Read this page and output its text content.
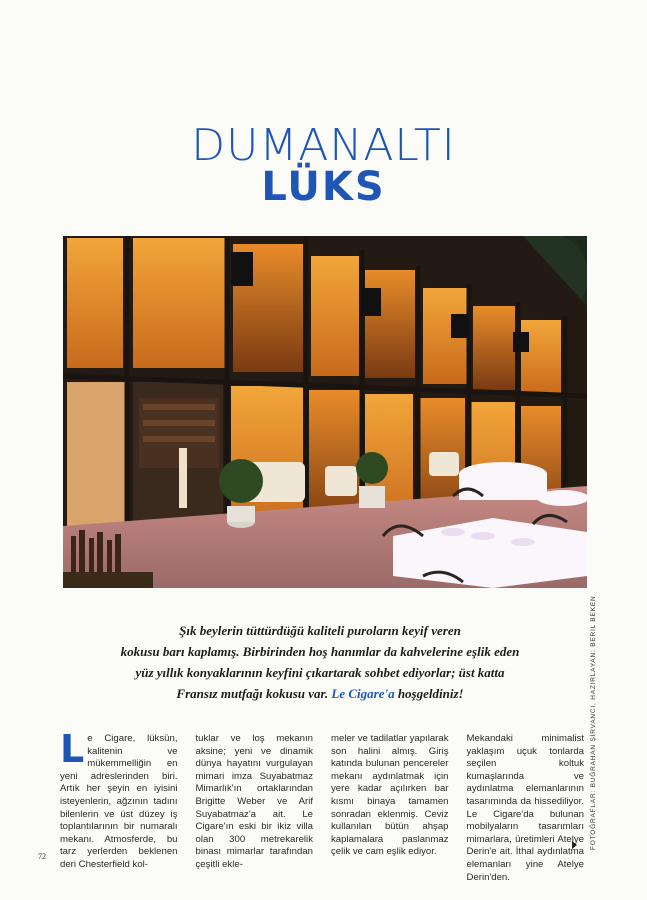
DUMANALTI
LÜKS
Şık beylerin tüttürdüğü kaliteli puroların keyif veren
kokusu barı kaplamış. Birbirinden hoş hanımlar da kahvelerine eşlik eden
yüz yıllık konyaklarının keyfini çıkartarak sohbet ediyorlar; üst katta
Fransız mutfağı kokusu var. Le Cigare'a hoşgeldiniz!
Le Cigare, lüksün, kalitenin ve mükemmelliğin en yeni adreslerinden biri. Artık her şeyin en iyisini isteyenlerin, ağzının tadını bilenlerin ve üst düzey iş toplantılarının bir numaralı mekanı. Atmosferde, bu tarz yerlerden beklenen deri Chesterfield kol-
tuklar ve loş mekanın aksine; yeni ve dinamik dünya hayatını vurgulayan mimari imza Suyabatmaz Mimarlık'ın ortaklarından Brigitte Weber ve Arif Suyabatmaz'a ait. Le Cigare'ın eski bir ikiz villa olan 300 metrekarelik binası mimarlar tarafından çeşitli ekle-
meler ve tadilatlar yapılarak son halini almış. Giriş katında bulunan pencereler mekanı aydınlatmak için yere kadar açılırken bar kısmı binaya tamamen sonradan eklenmiş. Ceviz kullanılan bütün ahşap kaplamalara paslanmaz çelik ve cam eşlik ediyor.
Mekandaki minimalist yaklaşım uçuk tonlarda seçilen koltuk kumaşlarında ve aydınlatma elemanlarının tasarımında da hissediliyor. Le Cigare'da bulunan mobilyaların tasarımları mimarlara, üretimleri Atelye Derin'e ait. İthal aydınlatma elemanları yine Atelye Derin'den.
FOTOĞRAFLAR: BUĞRAHAN ŞİRVANCI, HAZIRLAYAN: BERİL BEKEN
72
